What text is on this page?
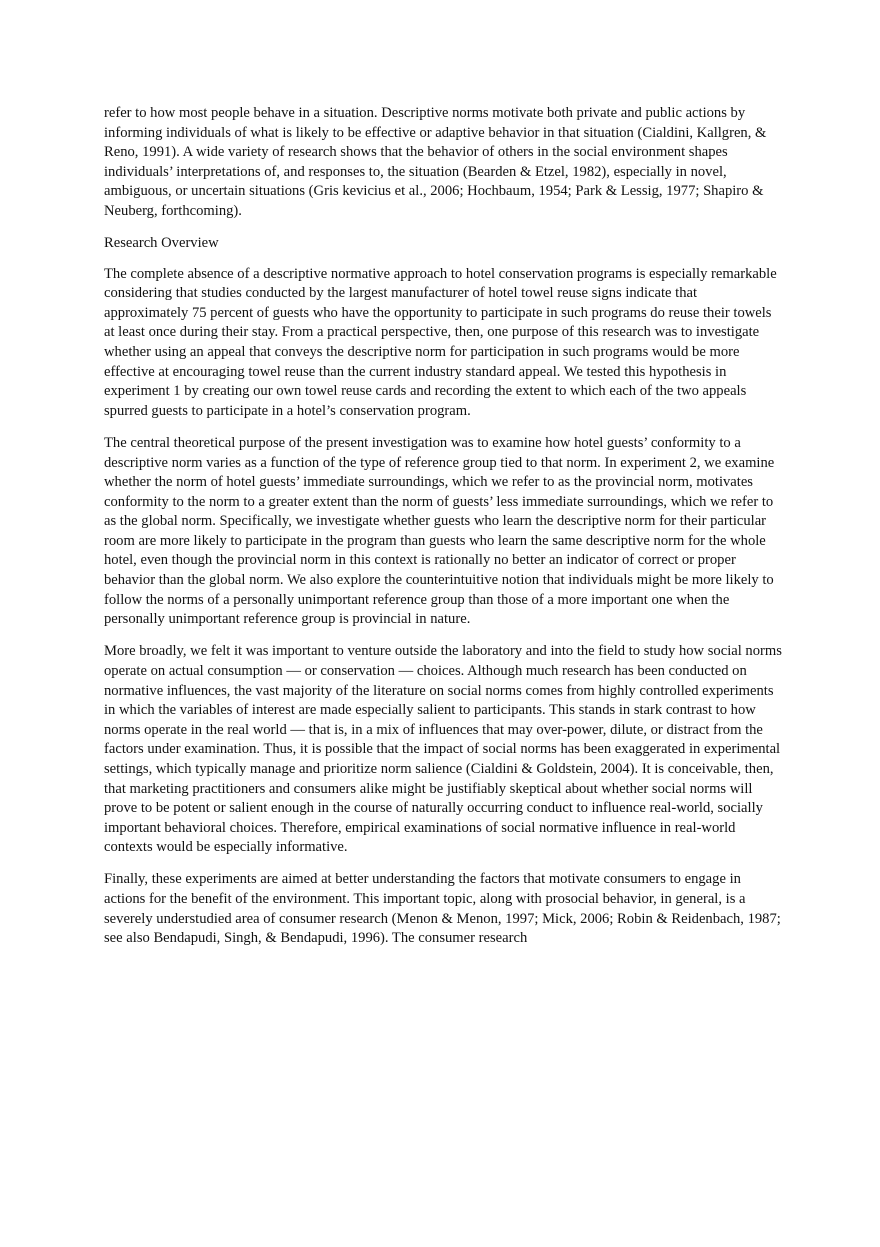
refer to how most people behave in a situation. Descriptive norms motivate both private and public actions by informing individuals of what is likely to be effective or adaptive behavior in that situation (Cialdini, Kallgren, & Reno, 1991). A wide variety of research shows that the behavior of others in the social environment shapes individuals’ interpretations of, and responses to, the situation (Bearden & Etzel, 1982), especially in novel, ambiguous, or uncertain situations (Gris kevicius et al., 2006; Hochbaum, 1954; Park & Lessig, 1977; Shapiro & Neuberg, forthcoming).

Research Overview

The complete absence of a descriptive normative approach to hotel conservation programs is especially remarkable considering that studies conducted by the largest manufacturer of hotel towel reuse signs indicate that approximately 75 percent of guests who have the opportunity to participate in such programs do reuse their towels at least once during their stay. From a practical perspective, then, one purpose of this research was to investigate whether using an appeal that conveys the descriptive norm for participation in such programs would be more effective at encouraging towel reuse than the current industry standard appeal. We tested this hypothesis in experiment 1 by creating our own towel reuse cards and recording the extent to which each of the two appeals spurred guests to participate in a hotel’s conservation program.

The central theoretical purpose of the present investigation was to examine how hotel guests’ conformity to a descriptive norm varies as a function of the type of reference group tied to that norm. In experiment 2, we examine whether the norm of hotel guests’ immediate surroundings, which we refer to as the provincial norm, motivates conformity to the norm to a greater extent than the norm of guests’ less immediate surroundings, which we refer to as the global norm. Specifically, we investigate whether guests who learn the descriptive norm for their particular room are more likely to participate in the program than guests who learn the same descriptive norm for the whole hotel, even though the provincial norm in this context is rationally no better an indicator of correct or proper behavior than the global norm. We also explore the counterintuitive notion that individuals might be more likely to follow the norms of a personally unimportant reference group than those of a more important one when the personally unimportant reference group is provincial in nature.

More broadly, we felt it was important to venture outside the laboratory and into the field to study how social norms operate on actual consumption — or conservation — choices. Although much research has been conducted on normative influences, the vast majority of the literature on social norms comes from highly controlled experiments in which the variables of interest are made especially salient to participants. This stands in stark contrast to how norms operate in the real world — that is, in a mix of influences that may over-power, dilute, or distract from the factors under examination. Thus, it is possible that the impact of social norms has been exaggerated in experimental settings, which typically manage and prioritize norm salience (Cialdini & Goldstein, 2004). It is conceivable, then, that marketing practitioners and consumers alike might be justifiably skeptical about whether social norms will prove to be potent or salient enough in the course of naturally occurring conduct to influence real-world, socially important behavioral choices. Therefore, empirical examinations of social normative influence in real-world contexts would be especially informative.

Finally, these experiments are aimed at better understanding the factors that motivate consumers to engage in actions for the benefit of the environment. This important topic, along with prosocial behavior, in general, is a severely understudied area of consumer research (Menon & Menon, 1997; Mick, 2006; Robin & Reidenbach, 1987; see also Bendapudi, Singh, & Bendapudi, 1996). The consumer research
